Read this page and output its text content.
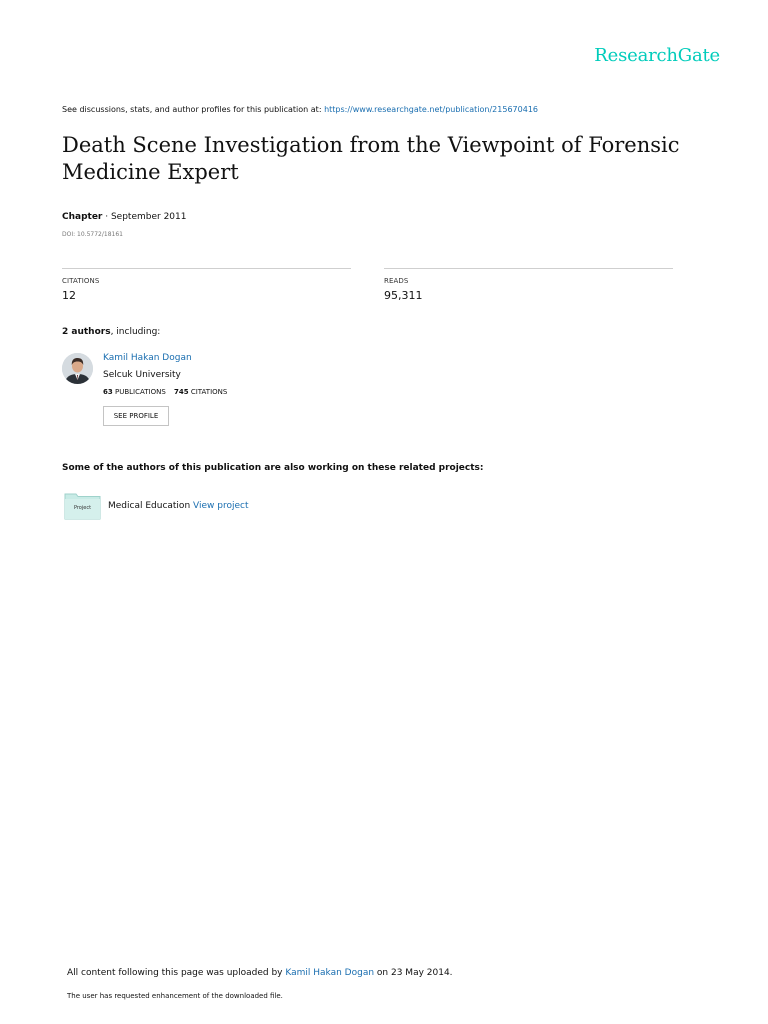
ResearchGate
See discussions, stats, and author profiles for this publication at: https://www.researchgate.net/publication/215670416
Death Scene Investigation from the Viewpoint of Forensic Medicine Expert
Chapter · September 2011
DOI: 10.5772/18161
CITATIONS
12
READS
95,311
2 authors, including:
Kamil Hakan Dogan
Selcuk University
63 PUBLICATIONS 745 CITATIONS
SEE PROFILE
Some of the authors of this publication are also working on these related projects:
Project	Medical Education View project
All content following this page was uploaded by Kamil Hakan Dogan on 23 May 2014.
The user has requested enhancement of the downloaded file.
